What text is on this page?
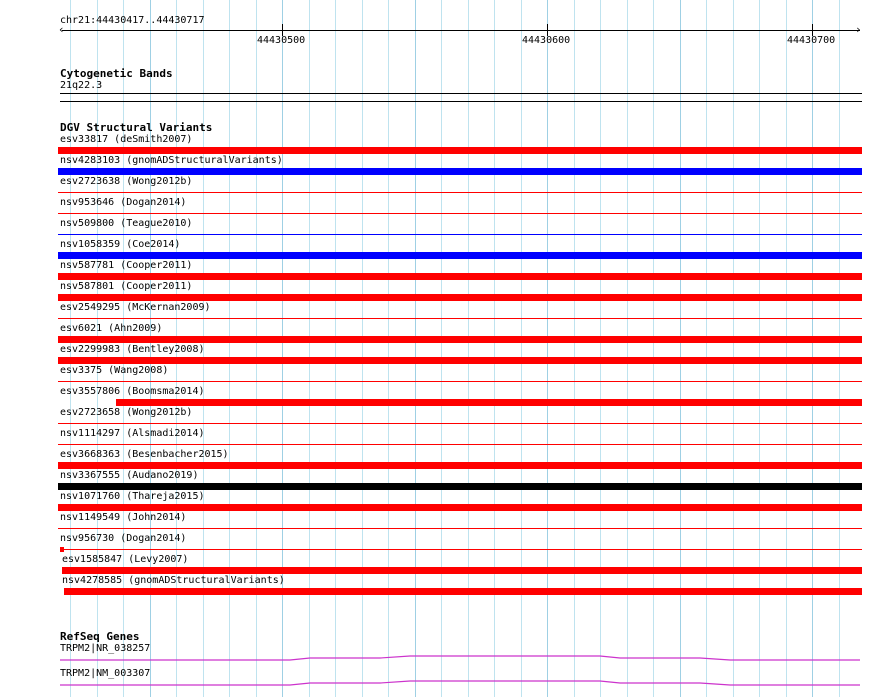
chr21:44430417..44430717
‹	›
44430500	44430600	44430700
Cytogenetic Bands
21q22.3
DGV Structural Variants
esv33817 (deSmith2007)
nsv4283103 (gnomADStructuralVariants)
esv2723638 (Wong2012b)
nsv953646 (Dogan2014)
nsv509800 (Teague2010)
nsv1058359 (Coe2014)
nsv587781 (Cooper2011)
nsv587801 (Cooper2011)
esv2549295 (McKernan2009)
esv6021 (Ahn2009)
esv2299983 (Bentley2008)
esv3375 (Wang2008)
esv3557806 (Boomsma2014)
esv2723658 (Wong2012b)
nsv1114297 (Alsmadi2014)
esv3668363 (Besenbacher2015)
nsv3367555 (Audano2019)
nsv1071760 (Thareja2015)
nsv1149549 (John2014)
nsv956730 (Dogan2014)
esv1585847 (Levy2007)
nsv4278585 (gnomADStructuralVariants)
RefSeq Genes
TRPM2|NR_038257
TRPM2|NM_003307
